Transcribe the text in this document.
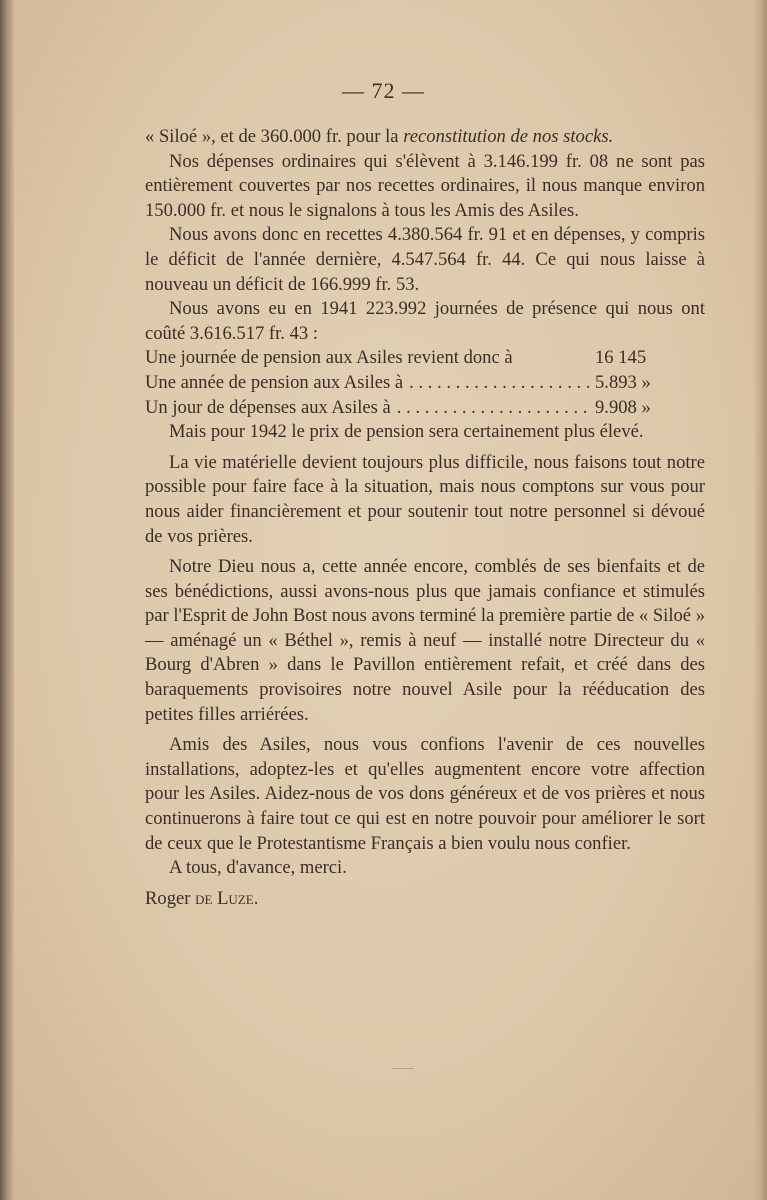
— 72 —

« Siloé », et de 360.000 fr. pour la reconstitution de nos stocks.

Nos dépenses ordinaires qui s'élèvent à 3.146.199 fr. 08 ne sont pas entièrement couvertes par nos recettes ordinaires, il nous manque environ 150.000 fr. et nous le signalons à tous les Amis des Asiles.

Nous avons donc en recettes 4.380.564 fr. 91 et en dépenses, y compris le déficit de l'année dernière, 4.547.564 fr. 44. Ce qui nous laisse à nouveau un déficit de 166.999 fr. 53.

Nous avons eu en 1941 223.992 journées de présence qui nous ont coûté 3.616.517 fr. 43 :

Une journée de pension aux Asiles revient donc à	16 145
Une année de pension aux Asiles à . . .	5.893 »
Un jour de dépenses aux Asiles à . . .	9.908 »

Mais pour 1942 le prix de pension sera certainement plus élevé.

La vie matérielle devient toujours plus difficile, nous faisons tout notre possible pour faire face à la situation, mais nous comptons sur vous pour nous aider financièrement et pour soutenir tout notre personnel si dévoué de vos prières.

Notre Dieu nous a, cette année encore, comblés de ses bienfaits et de ses bénédictions, aussi avons-nous plus que jamais confiance et stimulés par l'Esprit de John Bost nous avons terminé la première partie de « Siloé » — aménagé un « Béthel », remis à neuf — installé notre Directeur du « Bourg d'Abren » dans le Pavillon entièrement refait, et créé dans des baraquements provisoires notre nouvel Asile pour la rééducation des petites filles arriérées.

Amis des Asiles, nous vous confions l'avenir de ces nouvelles installations, adoptez-les et qu'elles augmentent encore votre affection pour les Asiles. Aidez-nous de vos dons généreux et de vos prières et nous continuerons à faire tout ce qui est en notre pouvoir pour améliorer le sort de ceux que le Protestantisme Français a bien voulu nous confier.

A tous, d'avance, merci.

Roger de Luze.
